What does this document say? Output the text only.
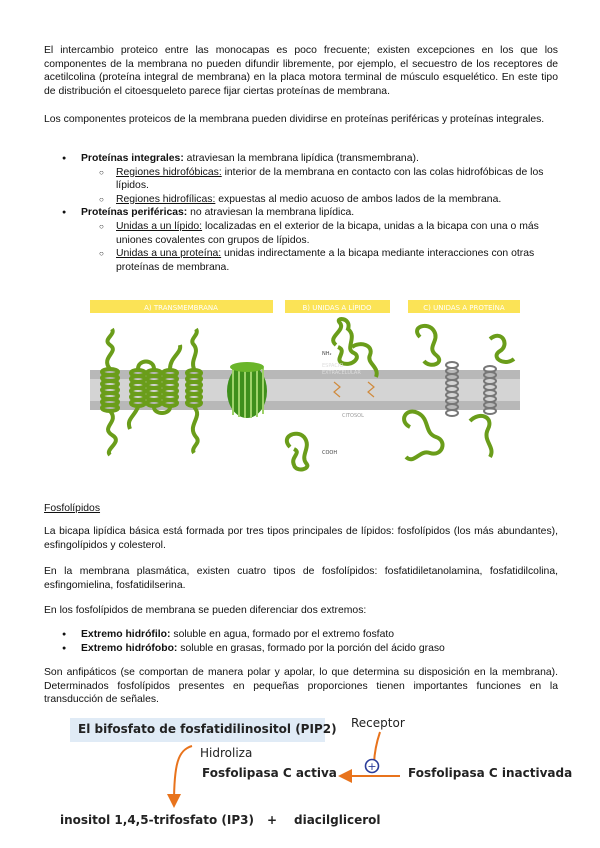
El intercambio proteico entre las monocapas es poco frecuente; existen excepciones en los que los componentes de la membrana no pueden difundir libremente, por ejemplo, el secuestro de los receptores de acetilcolina (proteína integral de membrana) en la placa motora terminal de músculo esquelético. En este tipo de distribución el citoesqueleto parece fijar ciertas proteínas de membrana.

Los componentes proteicos de la membrana pueden dividirse en proteínas periféricas y proteínas integrales.

● Proteínas integrales: atraviesan la membrana lipídica (transmembrana).
○ Regiones hidrofóbicas: interior de la membrana en contacto con las colas hidrofóbicas de los lípidos.
○ Regiones hidrofílicas: expuestas al medio acuoso de ambos lados de la membrana.
● Proteínas periféricas: no atraviesan la membrana lipídica.
○ Unidas a un lípido: localizadas en el exterior de la bicapa, unidas a la bicapa con una o más uniones covalentes con grupos de lípidos.
○ Unidas a una proteína: unidas indirectamente a la bicapa mediante interacciones con otras proteínas de membrana.
A) TRANSMEMBRANA	B) UNIDAS A LÍPIDO	C) UNIDAS A PROTEÍNA
NH₂
COOH
ESPACIO
EXTRACELULAR
CITOSOL
Fosfolípidos

La bicapa lipídica básica está formada por tres tipos principales de lípidos: fosfolípidos (los más abundantes), esfingolípidos y colesterol.

En la membrana plasmática, existen cuatro tipos de fosfolípidos: fosfatidiletanolamina, fosfatidilcolina, esfingomielina, fosfatidilserina.

En los fosfolípidos de membrana se pueden diferenciar dos extremos:

● Extremo hidrófilo: soluble en agua, formado por el extremo fosfato
● Extremo hidrófobo: soluble en grasas, formado por la porción del ácido graso

Son anfipáticos (se comportan de manera polar y apolar, lo que determina su disposición en la membrana). Determinados fosfolípidos presentes en pequeñas proporciones tienen importantes funciones en la transducción de señales.

El bifosfato de fosfatidilinositol (PIP2) Receptor
Hidroliza
Fosfolipasa C activa	Fosfolipasa C inactivada
inositol 1,4,5-trifosfato (IP3) + diacilglicerol
+
